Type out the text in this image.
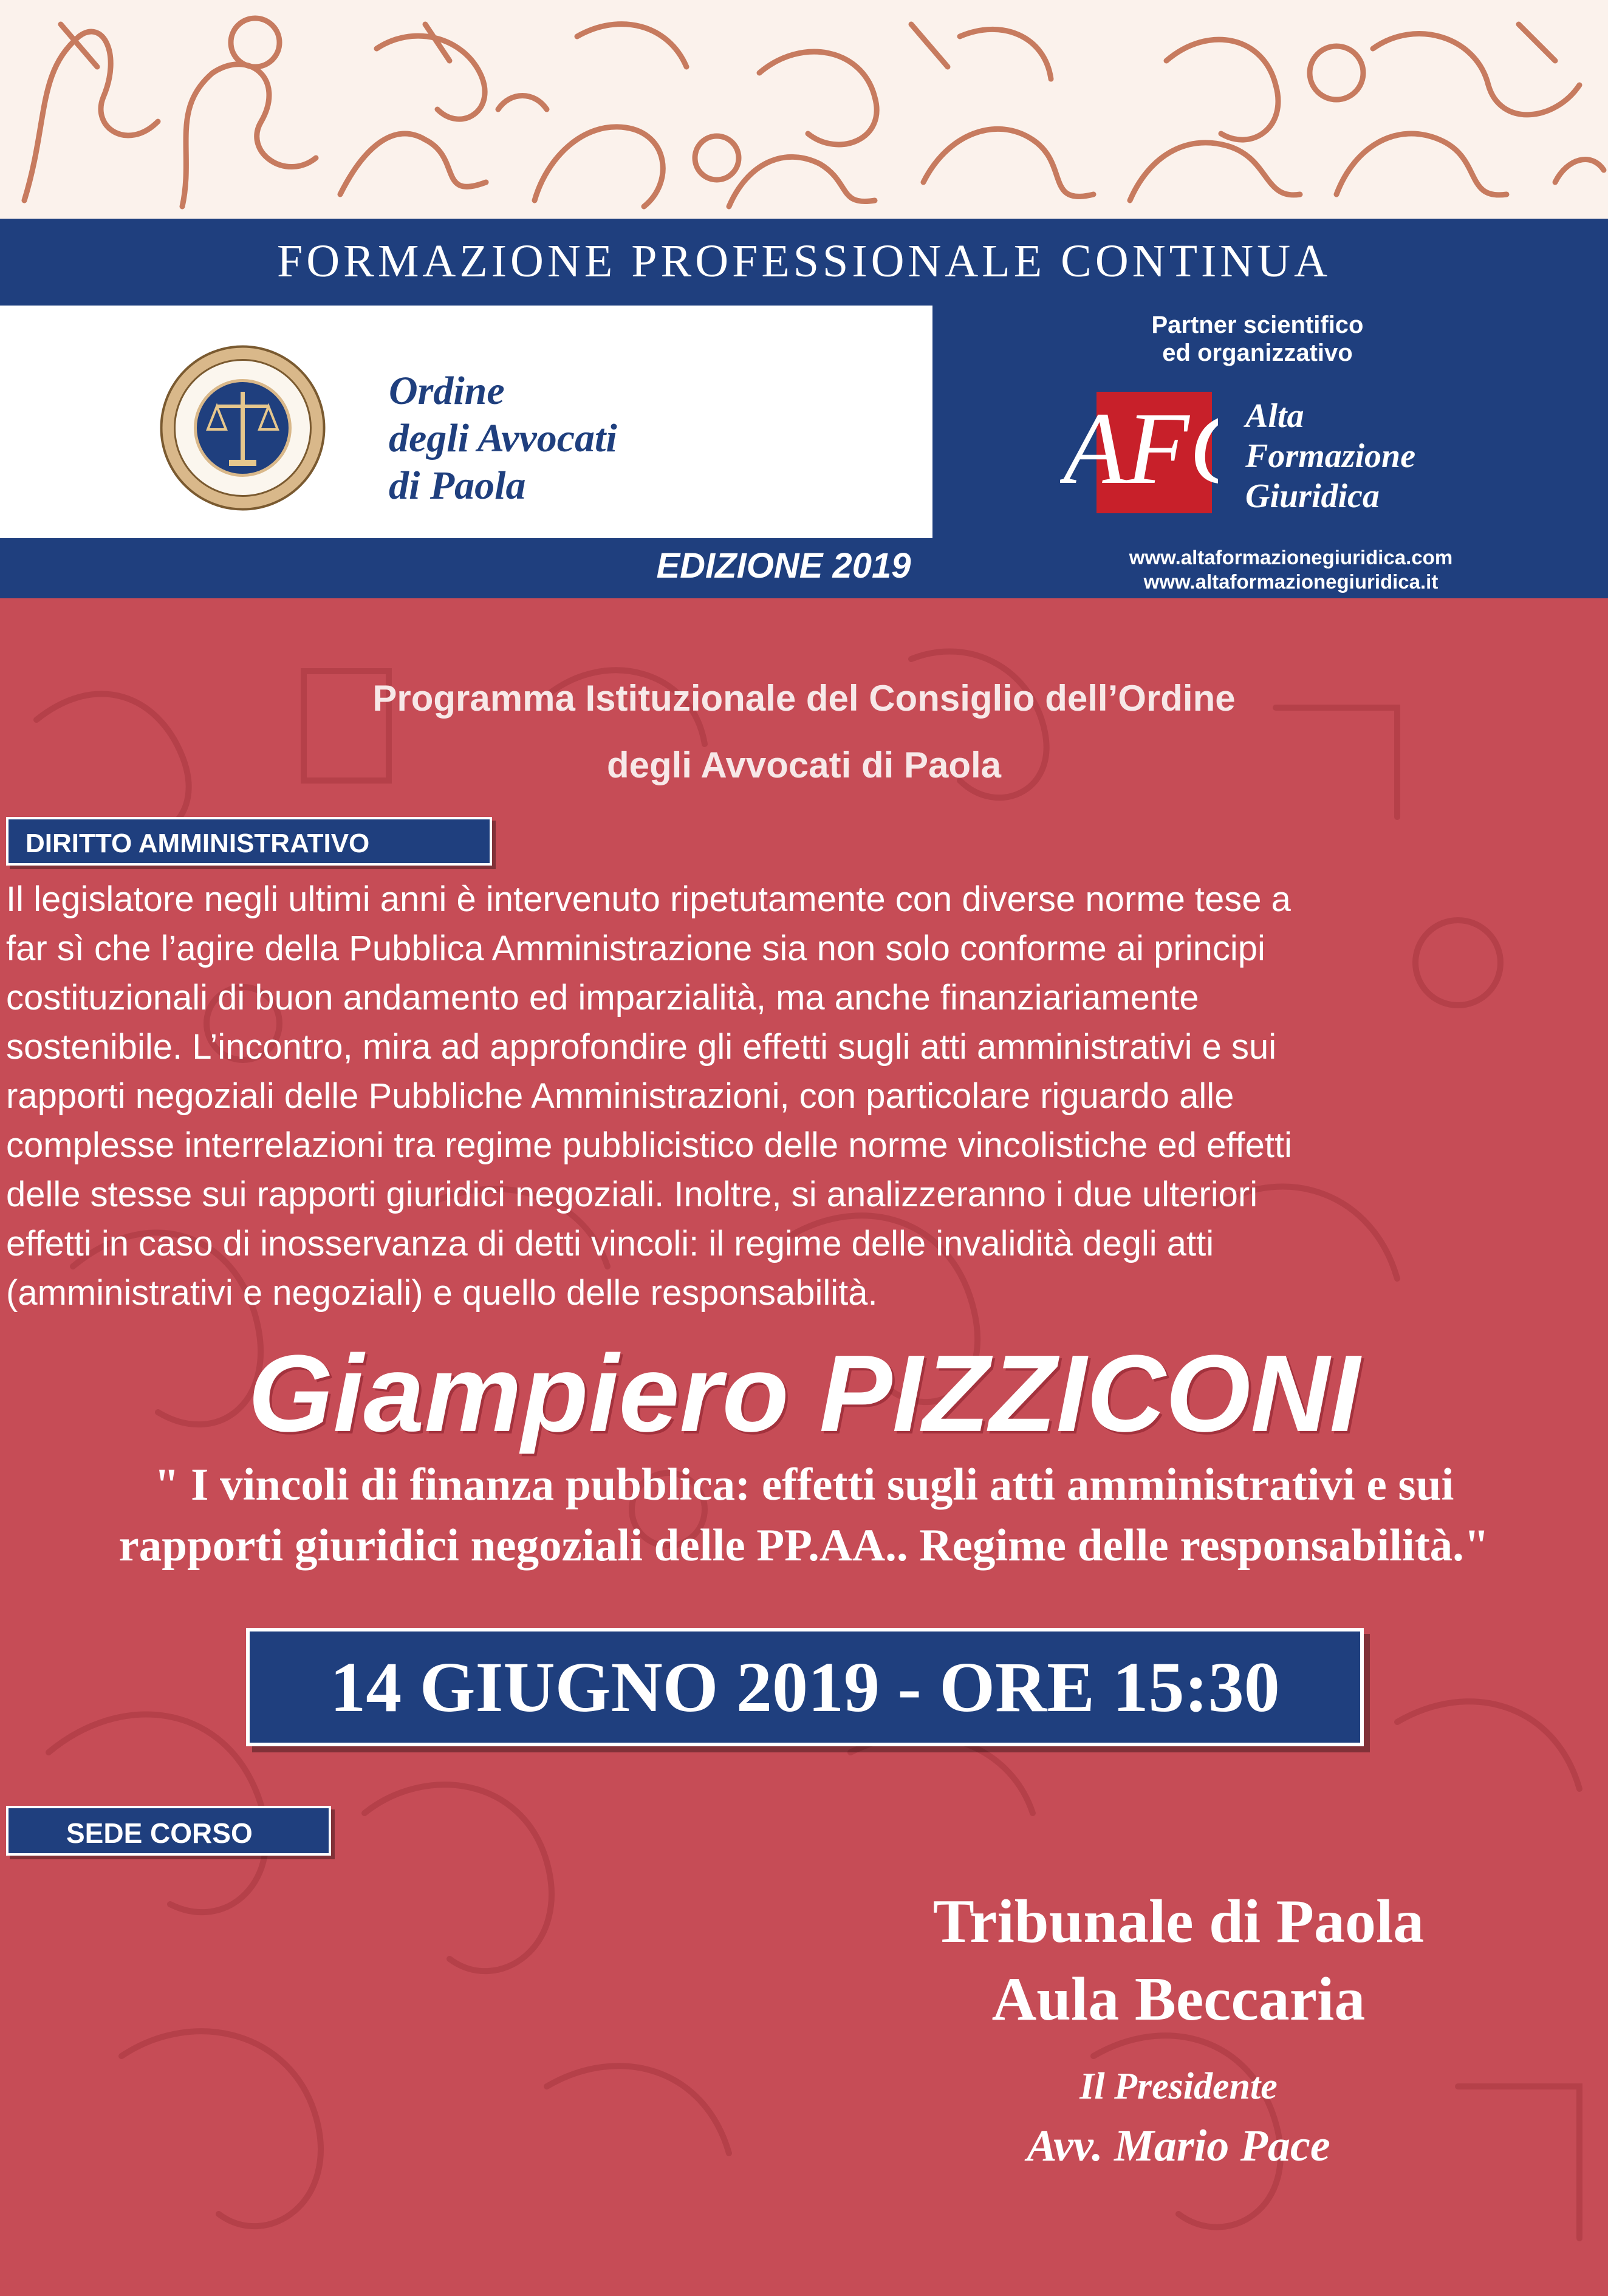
FORMAZIONE PROFESSIONALE CONTINUA
Ordine
degli Avvocati
di Paola
EDIZIONE 2019
Partner scientifico
ed organizzativo
AF	Alta
Formazione
Giuridica
www.altaformazionegiuridica.com
www.altaformazionegiuridica.it
Programma Istituzionale del Consiglio dell’Ordine
degli Avvocati di Paola
DIRITTO AMMINISTRATIVO
Il legislatore negli ultimi anni è intervenuto ripetutamente con diverse norme tese a
far sì che l’agire della Pubblica Amministrazione sia non solo conforme ai principi
costituzionali di buon andamento ed imparzialità, ma anche finanziariamente
sostenibile. L’incontro, mira ad approfondire gli effetti sugli atti amministrativi e sui
rapporti negoziali delle Pubbliche Amministrazioni, con particolare riguardo alle
complesse interrelazioni tra regime pubblicistico delle norme vincolistiche ed effetti
delle stesse sui rapporti giuridici negoziali. Inoltre, si analizzeranno i due ulteriori
effetti in caso di inosservanza di detti vincoli: il regime delle invalidità degli atti
(amministrativi e negoziali) e quello delle responsabilità.
Giampiero PIZZICONI
" I vincoli di finanza pubblica: effetti sugli atti amministrativi e sui
rapporti giuridici negoziali delle PP.AA.. Regime delle responsabilità."
14 GIUGNO 2019 - ORE 15:30
SEDE CORSO
Tribunale di Paola
Aula Beccaria
Il Presidente
Avv. Mario Pace
